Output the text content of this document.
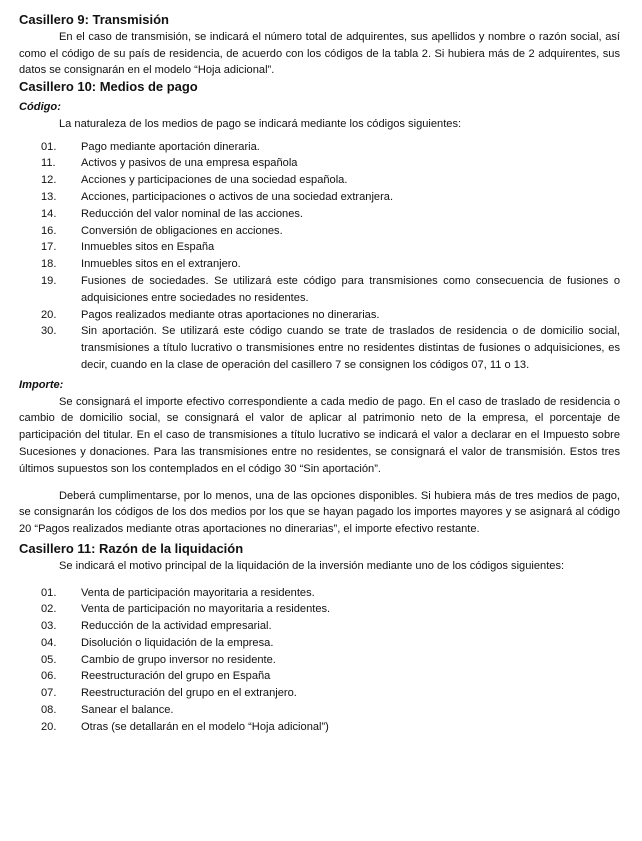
Casillero 9: Transmisión

En el caso de transmisión, se indicará el número total de adquirentes, sus apellidos y nombre o razón social, así como el código de su país de residencia, de acuerdo con los códigos de la tabla 2. Si hubiera más de 2 adquirentes, sus datos se consignarán en el modelo “Hoja adicional”.

Casillero 10: Medios de pago
Código:

La naturaleza de los medios de pago se indicará mediante los códigos siguientes:

01.	Pago mediante aportación dineraria.
11.	Activos y pasivos de una empresa española
12.	Acciones y participaciones de una sociedad española.
13.	Acciones, participaciones o activos de una sociedad extranjera.
14.	Reducción del valor nominal de las acciones.
16.	Conversión de obligaciones en acciones.
17.	Inmuebles sitos en España
18.	Inmuebles sitos en el extranjero.
19.	Fusiones de sociedades. Se utilizará este código para transmisiones como consecuencia de fusiones o adquisiciones entre sociedades no residentes.
20.	Pagos realizados mediante otras aportaciones no dinerarias.
30.	Sin aportación. Se utilizará este código cuando se trate de traslados de residencia o de domicilio social, transmisiones a título lucrativo o transmisiones entre no residentes distintas de fusiones o adquisiciones, es decir, cuando en la clase de operación del casillero 7 se consignen los códigos 07, 11 o 13.
Importe:

Se consignará el importe efectivo correspondiente a cada medio de pago. En el caso de traslado de residencia o cambio de domicilio social, se consignará el valor de aplicar al patrimonio neto de la empresa, el porcentaje de participación del titular. En el caso de transmisiones a título lucrativo se indicará el valor a declarar en el Impuesto sobre Sucesiones y donaciones. Para las transmisiones entre no residentes, se consignará el valor de transmisión. Estos tres últimos supuestos son los contemplados en el código 30 “Sin aportación”.

Deberá cumplimentarse, por lo menos, una de las opciones disponibles. Si hubiera más de tres medios de pago, se consignarán los códigos de los dos medios por los que se hayan pagado los importes mayores y se asignará al código 20 “Pagos realizados mediante otras aportaciones no dinerarias”, el importe efectivo restante.

Casillero 11: Razón de la liquidación

Se indicará el motivo principal de la liquidación de la inversión mediante uno de los códigos siguientes:

01.	Venta de participación mayoritaria a residentes.
02.	Venta de participación no mayoritaria a residentes.
03.	Reducción de la actividad empresarial.
04.	Disolución o liquidación de la empresa.
05.	Cambio de grupo inversor no residente.
06.	Reestructuración del grupo en España
07.	Reestructuración del grupo en el extranjero.
08.	Sanear el balance.
20.	Otras (se detallarán en el modelo “Hoja adicional”)
